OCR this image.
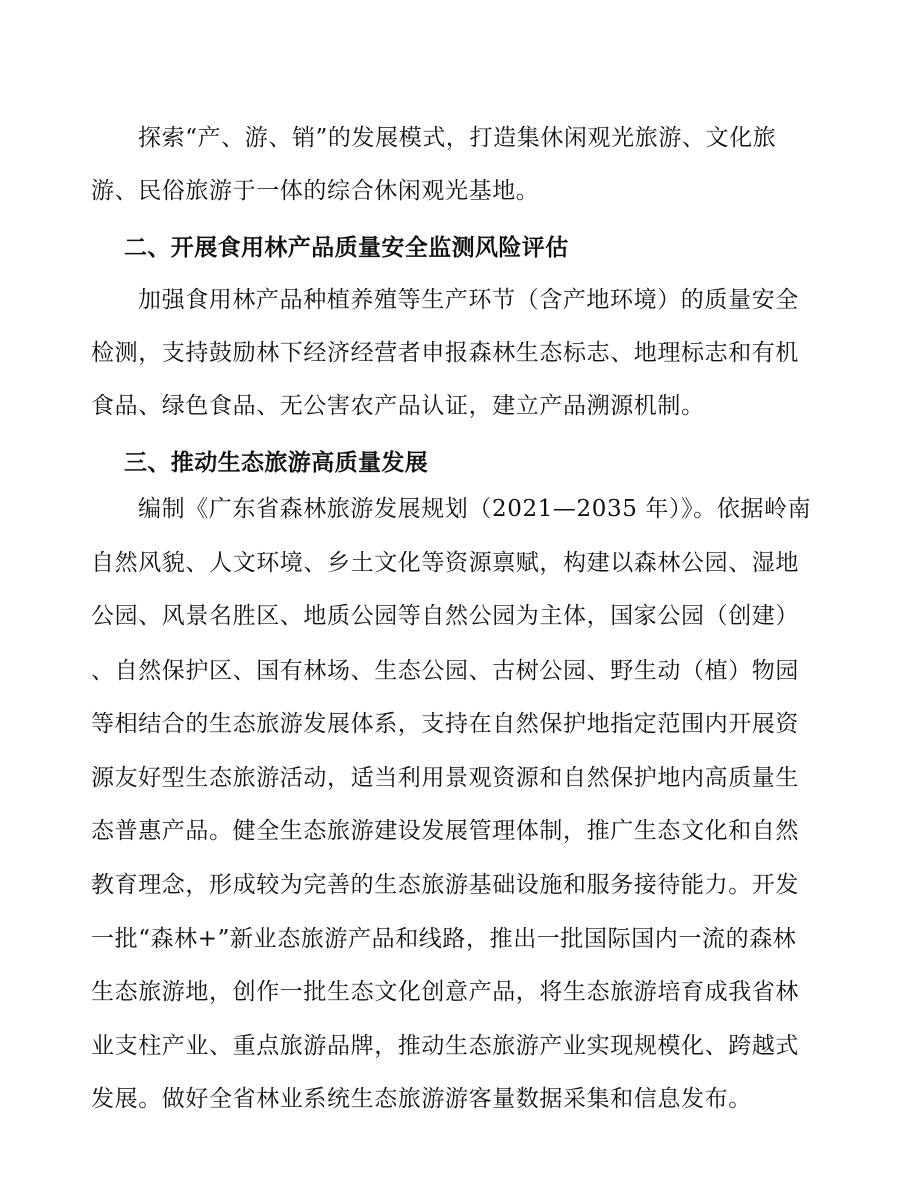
探索“产、游、销”的发展模式，打造集休闲观光旅游、文化旅
游、民俗旅游于一体的综合休闲观光基地。
二、开展食用林产品质量安全监测风险评估
加强食用林产品种植养殖等生产环节（含产地环境）的质量安全
检测，支持鼓励林下经济经营者申报森林生态标志、地理标志和有机
食品、绿色食品、无公害农产品认证，建立产品溯源机制。
三、推动生态旅游高质量发展
编制《广东省森林旅游发展规划（2021—2035 年）》。依据岭南
自然风貌、人文环境、乡土文化等资源禀赋，构建以森林公园、湿地
公园、风景名胜区、地质公园等自然公园为主体，国家公园（创建）
、自然保护区、国有林场、生态公园、古树公园、野生动（植）物园
等相结合的生态旅游发展体系，支持在自然保护地指定范围内开展资
源友好型生态旅游活动，适当利用景观资源和自然保护地内高质量生
态普惠产品。健全生态旅游建设发展管理体制，推广生态文化和自然
教育理念，形成较为完善的生态旅游基础设施和服务接待能力。开发
一批“森林+”新业态旅游产品和线路，推出一批国际国内一流的森林
生态旅游地，创作一批生态文化创意产品，将生态旅游培育成我省林
业支柱产业、重点旅游品牌，推动生态旅游产业实现规模化、跨越式
发展。做好全省林业系统生态旅游游客量数据采集和信息发布。
